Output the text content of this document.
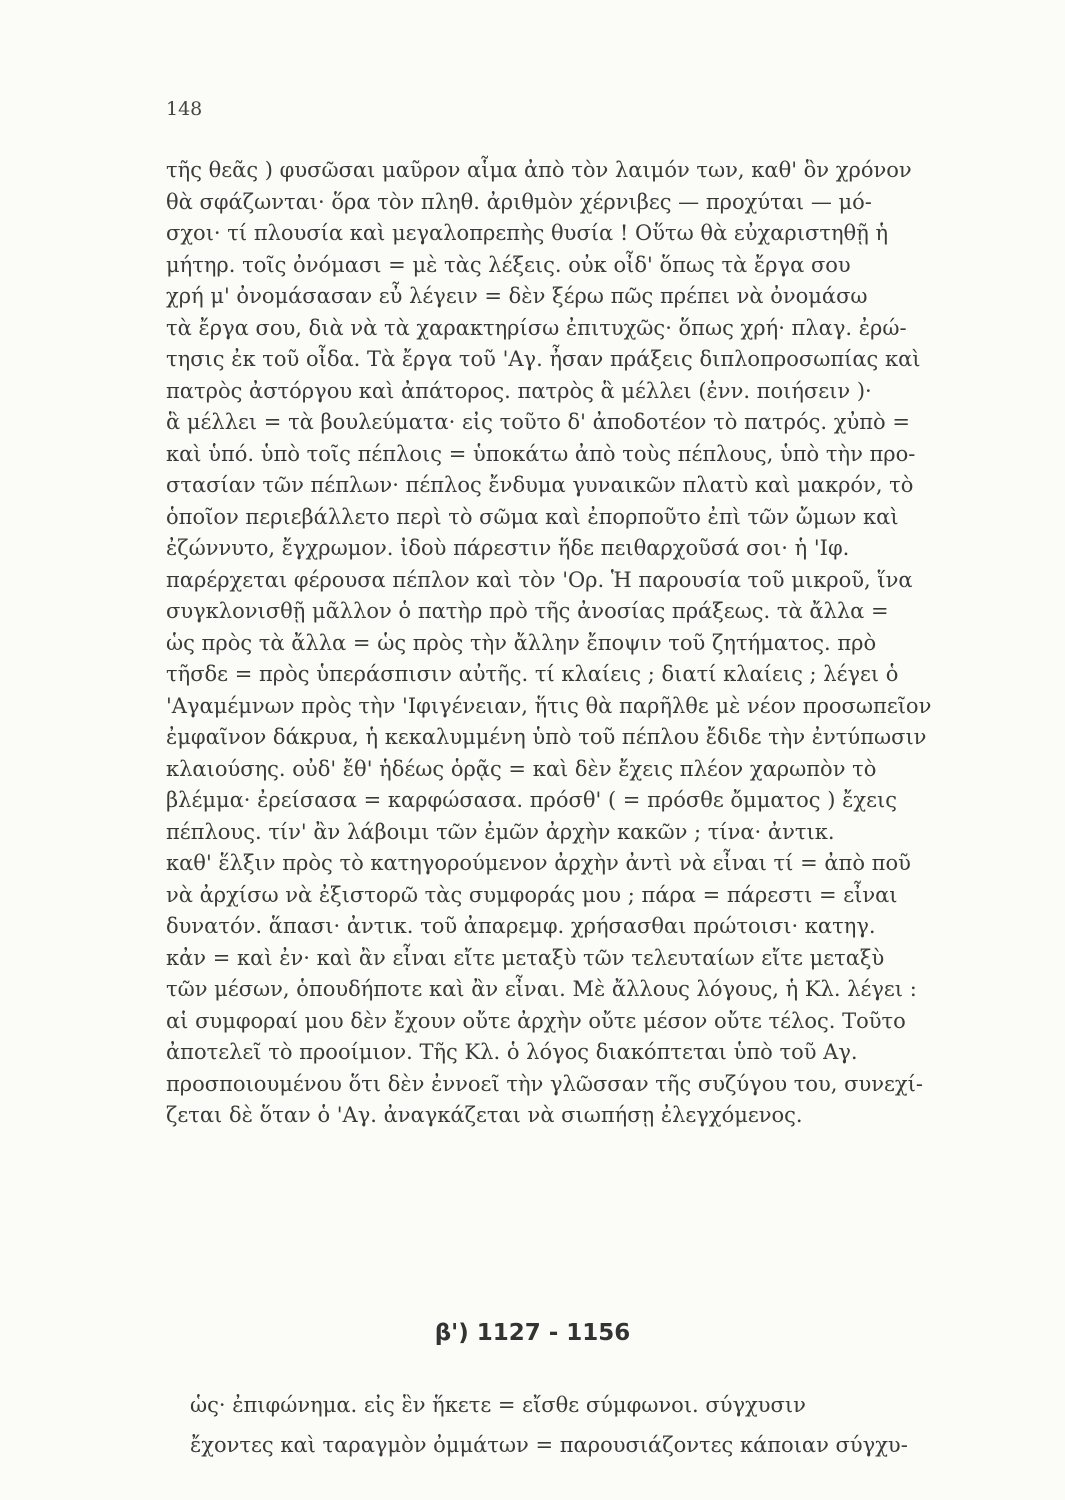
148
τῆς θεᾶς ) φυσῶσαι μαῦρον αἷμα ἀπὸ τὸν λαιμόν των, καθ' ὃν χρόνον
θὰ σφάζωνται· ὅρα τὸν πληθ. ἀριθμὸν χέρνιβες — προχύται — μό-
σχοι· τί πλουσία καὶ μεγαλοπρεπὴς θυσία ! Οὕτω θὰ εὐχαριστηθῇ ἡ
μήτηρ. τοῖς ὀνόμασι = μὲ τὰς λέξεις. οὐκ οἶδ' ὅπως τὰ ἔργα σου
χρή μ' ὀνομάσασαν εὖ λέγειν = δὲν ξέρω πῶς πρέπει νὰ ὀνομάσω
τὰ ἔργα σου, διὰ νὰ τὰ χαρακτηρίσω ἐπιτυχῶς· ὅπως χρή· πλαγ. ἐρώ-
τησις ἐκ τοῦ οἶδα. Τὰ ἔργα τοῦ 'Αγ. ἦσαν πράξεις διπλοπροσωπίας καὶ
πατρὸς ἀστόργου καὶ ἀπάτορος. πατρὸς ἃ μέλλει (ἐνν. ποιήσειν )·
ἃ μέλλει = τὰ βουλεύματα· εἰς τοῦτο δ' ἀποδοτέον τὸ πατρός. χὐπὸ =
καὶ ὑπό. ὑπὸ τοῖς πέπλοις = ὑποκάτω ἀπὸ τοὺς πέπλους, ὑπὸ τὴν προ-
στασίαν τῶν πέπλων· πέπλος ἔνδυμα γυναικῶν πλατὺ καὶ μακρόν, τὸ
ὁποῖον περιεβάλλετο περὶ τὸ σῶμα καὶ ἐπορποῦτο ἐπὶ τῶν ὤμων καὶ
ἐζώννυτο, ἔγχρωμον. ἰδοὺ πάρεστιν ἥδε πειθαρχοῦσά σοι· ἡ 'Ιφ.
παρέρχεται φέρουσα πέπλον καὶ τὸν 'Ορ. Ἡ παρουσία τοῦ μικροῦ, ἵνα
συγκλονισθῇ μᾶλλον ὁ πατὴρ πρὸ τῆς ἀνοσίας πράξεως. τὰ ἄλλα =
ὡς πρὸς τὰ ἄλλα = ὡς πρὸς τὴν ἄλλην ἔποψιν τοῦ ζητήματος. πρὸ
τῆσδε = πρὸς ὑπεράσπισιν αὐτῆς. τί κλαίεις ; διατί κλαίεις ; λέγει ὁ
'Αγαμέμνων πρὸς τὴν 'Ιφιγένειαν, ἥτις θὰ παρῆλθε μὲ νέον προσωπεῖον
ἐμφαῖνον δάκρυα, ἡ κεκαλυμμένη ὑπὸ τοῦ πέπλου ἔδιδε τὴν ἐντύπωσιν
κλαιούσης. οὐδ' ἔθ' ἡδέως ὁρᾷς = καὶ δὲν ἔχεις πλέον χαρωπὸν τὸ
βλέμμα· ἐρείσασα = καρφώσασα. πρόσθ' ( = πρόσθε ὄμματος ) ἔχεις
πέπλους. τίν' ἂν λάβοιμι τῶν ἐμῶν ἀρχὴν κακῶν ; τίνα· ἀντικ.
καθ' ἕλξιν πρὸς τὸ κατηγορούμενον ἀρχὴν ἀντὶ νὰ εἶναι τί = ἀπὸ ποῦ
νὰ ἀρχίσω νὰ ἐξιστορῶ τὰς συμφοράς μου ; πάρα = πάρεστι = εἶναι
δυνατόν. ἅπασι· ἀντικ. τοῦ ἀπαρεμφ. χρήσασθαι πρώτοισι· κατηγ.
κἀν = καὶ ἐν· καὶ ἂν εἶναι εἴτε μεταξὺ τῶν τελευταίων εἴτε μεταξὺ
τῶν μέσων, ὁπουδήποτε καὶ ἂν εἶναι. Μὲ ἄλλους λόγους, ἡ Κλ. λέγει :
αἱ συμφοραί μου δὲν ἔχουν οὔτε ἀρχὴν οὔτε μέσον οὔτε τέλος. Τοῦτο
ἀποτελεῖ τὸ προοίμιον. Τῆς Κλ. ὁ λόγος διακόπτεται ὑπὸ τοῦ Αγ.
προσποιουμένου ὅτι δὲν ἐννοεῖ τὴν γλῶσσαν τῆς συζύγου του, συνεχί-
ζεται δὲ ὅταν ὁ 'Αγ. ἀναγκάζεται νὰ σιωπήσῃ ἐλεγχόμενος.
β') 1127 - 1156
ὡς· ἐπιφώνημα. εἰς ἓν ἥκετε = εἴσθε σύμφωνοι. σύγχυσιν
ἔχοντες καὶ ταραγμὸν ὀμμάτων = παρουσιάζοντες κάποιαν σύγχυ-
